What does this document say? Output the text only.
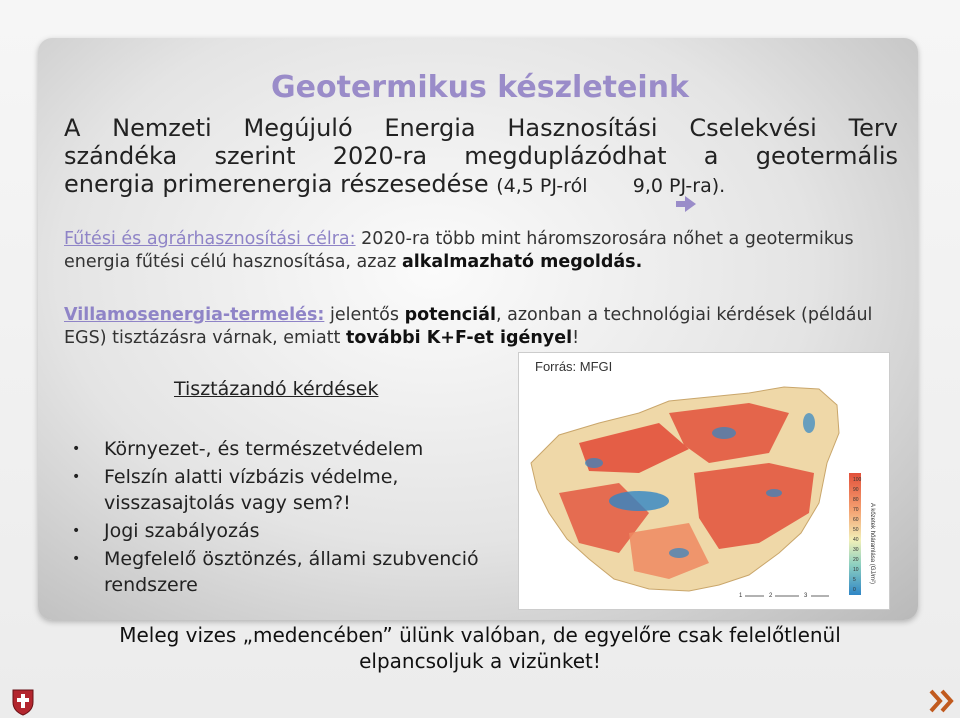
Geotermikus készleteink
A Nemzeti Megújuló Energia Hasznosítási Cselekvési Terv
szándéka szerint 2020-ra megduplázódhat a geotermális
energia primerenergia részesedése (4,5 PJ-ról 9,0 PJ-ra).
Fűtési és agrárhasznosítási célra: 2020-ra több mint háromszorosára nőhet a geotermikus energia fűtési célú hasznosítása, azaz alkalmazható megoldás.
Villamosenergia-termelés: jelentős potenciál, azonban a technológiai kérdések (például EGS) tisztázásra várnak, emiatt további K+F-et igényel!
Tisztázandó kérdések
• Környezet-, és természetvédelem
• Felszín alatti vízbázis védelme, visszasajtolás vagy sem?!
• Jogi szabályozás
• Megfelelő ösztönzés, állami szubvenció rendszere
Forrás: MFGI
100
90
80
70
60
50
40
30
20
10
5
0
A kőzetek hőáramlása (GJ/m²)
1	2	3
Meleg vizes „medencében” ülünk valóban, de egyelőre csak felelőtlenül
elpancsoljuk a vizünket!
